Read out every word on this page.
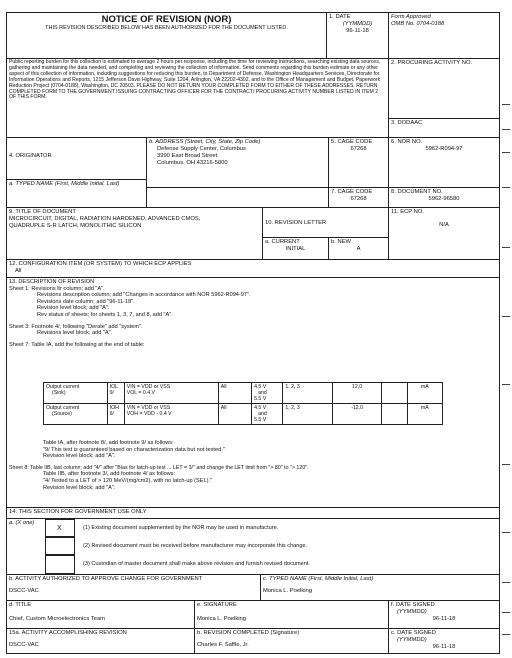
NOTICE OF REVISION (NOR)
THIS REVISION DESCRIBED BELOW HAS BEEN AUTHORIZED FOR THE DOCUMENT LISTED.
1. DATE
(YYMMDD)
96-11-18
Form Approved
OMB No. 0704-0188
Public reporting burden for this collection is estimated to average 2 hours per response, including the time for reviewing instructions, searching existing data sources, gathering and maintaining the data needed, and completing and reviewing the collection of information. Send comments regarding this burden estimate or any other aspect of this collection of information, including suggestions for reducing this burden, to Department of Defense, Washington Headquarters Services, Directorate for Information Operations and Reports, 1215 Jefferson Davis Highway, Suite 1204, Arlington, VA 22202-4302, and to the Office of Management and Budget, Paperwork Reduction Project (0704-0188), Washington, DC 20503. PLEASE DO NOT RETURN YOUR COMPLETED FORM TO EITHER OF THESE ADDRESSES. RETURN COMPLETED FORM TO THE GOVERNMENT ISSUING CONTRACTING OFFICER FOR THE CONTRACT/ PROCURING ACTIVITY NUMBER LISTED IN ITEM 2 OF THIS FORM.
2. PROCURING ACTIVITY NO.
3. DODAAC
4. ORIGINATOR
b. ADDRESS (Street, City, State, Zip Code)
Defense Supply Center, Columbus
3990 East Broad Street
Columbus, OH 43216-5000
5. CAGE CODE
67268
6. NOR NO.
5962-R094-97
a. TYPED NAME (First, Middle Initial, Last)
7. CAGE CODE
67268
8. DOCUMENT NO.
5962-96580
9. TITLE OF DOCUMENT
MICROCIRCUIT, DIGITAL, RADIATION HARDENED, ADVANCED CMOS,
QUADRUPLE S-R LATCH, MONOLITHIC SILICON	10. REVISION LETTER
a. CURRENT
INITIAL
b. NEW
A
11. ECP NO.
N/A
12. CONFIGURATION ITEM (OR SYSTEM) TO WHICH ECP APPLIES
All
13. DESCRIPTION OF REVISION
Sheet 1: Revisions ltr column; add "A".
Revisions description column; add "Changes in accordance with NOR 5962-R094-97".
Revisions date column; add "96-11-18".
Revision level block; add "A".
Rev status of sheets; for sheets 1, 3, 7, and 8, add "A".
Sheet 3: Footnote 4/, following "Derate" add "system".
Revisions level block; add "A".
Sheet 7: Table IA, add the following at the end of table:
Output current
(Sink)	IOL
9/	VIN = VDD or VSS
VOL = 0.4 V	All	4.5 V
and
5.5 V	1, 2, 3	12.0		mA

Output current
(Source)	IOH
9/	VIN = VDD or VSS
VOH = VDD - 0.4 V	All	4.5 V
and
5.5 V	1, 2, 3	-12.0		mA
Table IA, after footnote 8/, add footnote 9/ as follows:
"9/ This test is guaranteed based on characterization data but not tested."
Revision level block; add "A".
Sheet 8: Table IIB, last column; add "4/" after "Bias for latch-up test ... LET = 3/" and change the LET limit from "> 80" to "> 120".
Table IIB, after footnote 3/, add footnote 4/ as follows:
"4/ Tested to a LET of > 120 MeV/(mg/cm2), with no latch-up (SEL)."
Revision level block; add "A".
14. THIS SECTION FOR GOVERNMENT USE ONLY
a. (X one)
X	(1) Existing document supplemented by the NOR may be used in manufacture.
(2) Revised document must be received before manufacturer may incorporate this change.
(3) Custodian of master document shall make above revision and furnish revised document.
b. ACTIVITY AUTHORIZED TO APPROVE CHANGE FOR GOVERNMENT
DSCC-VAC
c. TYPED NAME (First, Middle Initial, Last)
Monica L. Poelking
d. TITLE
Chief, Custom Microelectronics Team
e. SIGNATURE
Monica L. Poelking
f. DATE SIGNED
(YYMMDD)
96-11-18
15a. ACTIVITY ACCOMPLISHING REVISION
DSCC-VAC
b. REVISION COMPLETED (Signature)
Charles F. Saffle, Jr.
c. DATE SIGNED
(YYMMDD)
96-11-18
